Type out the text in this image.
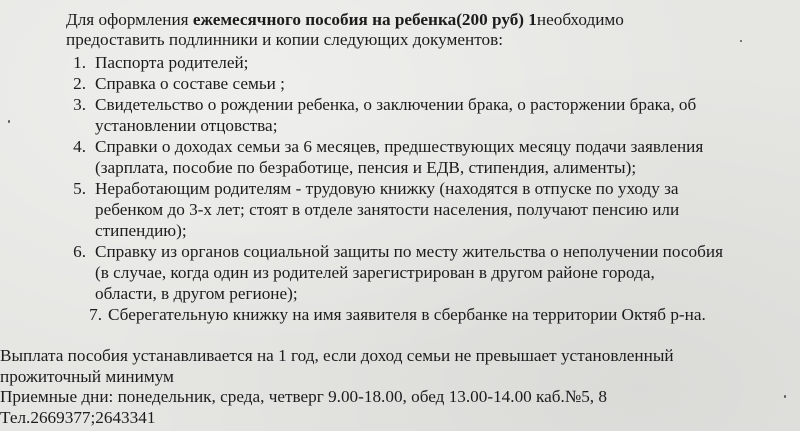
Для оформления ежемесячного пособия на ребенка(200 руб) 1необходимо
предоставить подлинники и копии следующих документов:
1. Паспорта родителей;
2. Справка о составе семьи ;
3. Свидетельство о рождении ребенка, о заключении брака, о расторжении брака, об
установлении отцовства;
4. Справки о доходах семьи за 6 месяцев, предшествующих месяцу подачи заявления
(зарплата, пособие по безработице, пенсия и ЕДВ, стипендия, алименты);
5. Неработающим родителям - трудовую книжку (находятся в отпуске по уходу за
ребенком до 3-х лет; стоят в отделе занятости населения, получают пенсию или
стипендию);
6. Справку из органов социальной защиты по месту жительства о неполучении пособия
(в случае, когда один из родителей зарегистрирован в другом районе города,
области, в другом регионе);
7. Сберегательную книжку на имя заявителя в сбербанке на территории Октяб р-на.

Выплата пособия устанавливается на 1 год, если доход семьи не превышает установленный

прожиточный минимум

Приемные дни: понедельник, среда, четверг 9.00-18.00, обед 13.00-14.00 каб.№5, 8

Тел.2669377;2643341
